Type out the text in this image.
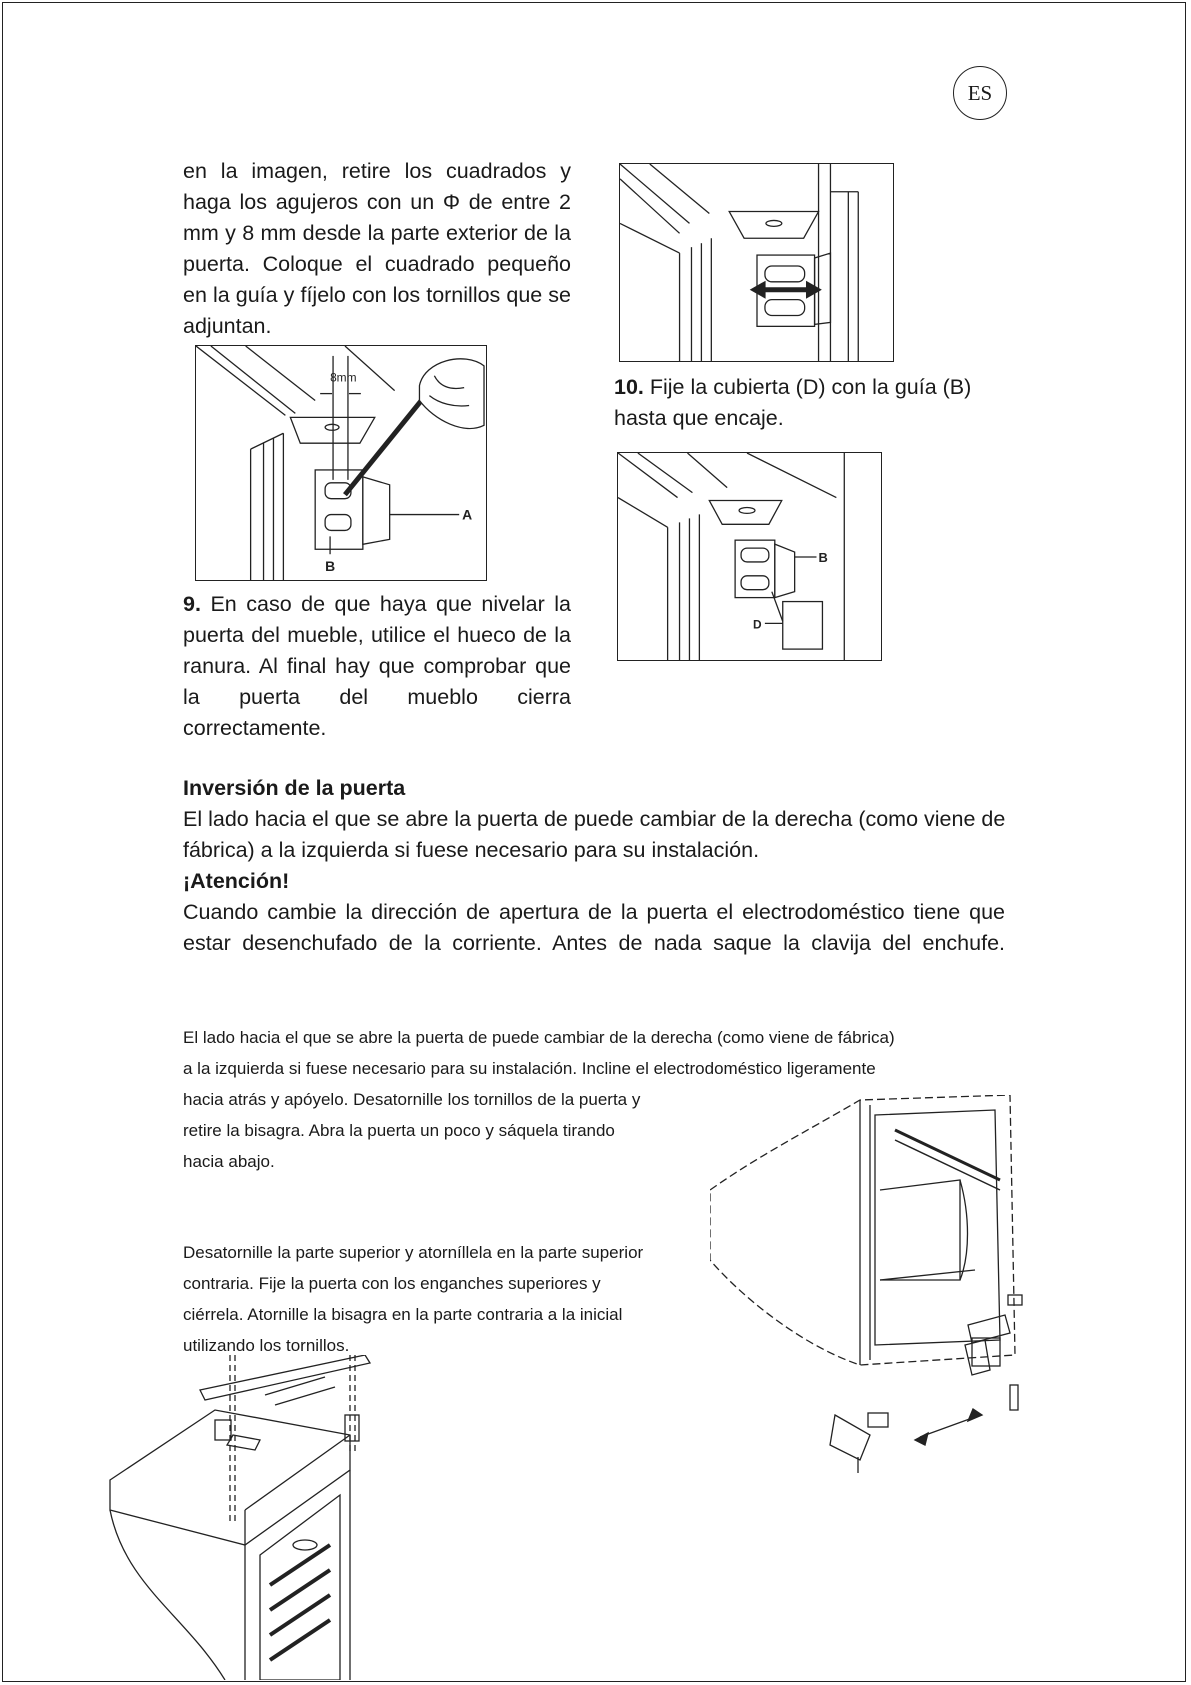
ES

en la imagen, retire los cuadrados y haga los agujeros con un Φ de entre 2 mm y 8 mm desde la parte exterior de la puerta. Coloque el cuadrado pequeño en la guía y fíjelo con los tornillos que se adjuntan.

8mm
A
B

9. En caso de que haya que nivelar la puerta del mueble, utilice el hueco de la ranura. Al final hay que comprobar que la puerta del mueblo cierra correctamente.

10. Fije la cubierta (D) con la guía (B) hasta que encaje.

B
D

Inversión de la puerta

El lado hacia el que se abre la puerta de puede cambiar de la derecha (como viene de fábrica) a la izquierda si fuese necesario para su instalación.

¡Atención!

Cuando cambie la dirección de apertura de la puerta el electrodoméstico tiene que estar desenchufado de la corriente. Antes de nada saque la clavija del enchufe.

El lado hacia el que se abre la puerta de puede cambiar de la derecha (como viene de fábrica)

a la izquierda si fuese necesario para su instalación. Incline el electrodoméstico ligeramente

hacia atrás y apóyelo. Desatornille los tornillos de la puerta y retire la bisagra. Abra la puerta un poco y sáquela tirando hacia abajo.

Desatornille la parte superior y atorníllela en la parte superior contraria. Fije la puerta con los enganches superiores y ciérrela. Atornille la bisagra en la parte contraria a la inicial utilizando los tornillos.
